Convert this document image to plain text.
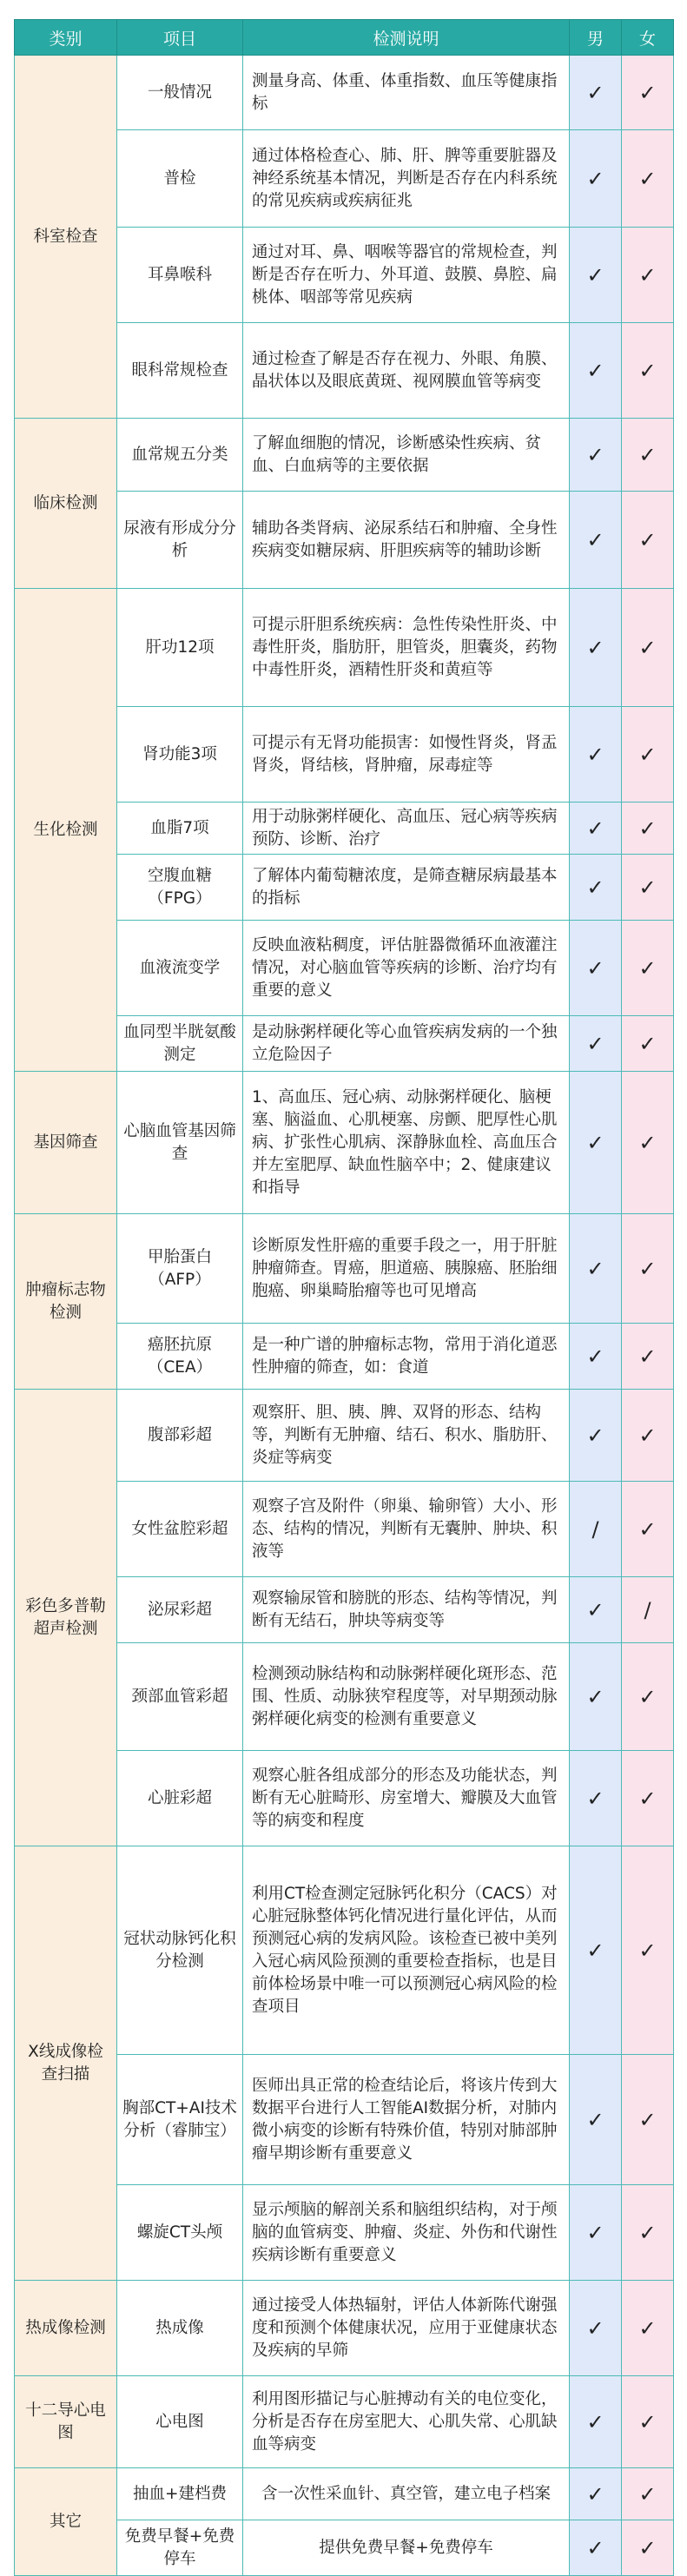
类别	项目	检测说明	男	女
科室检查	一般情况	测量身高、体重、体重指数、血压等健康指标	✓	✓
	普检	通过体格检查心、肺、肝、脾等重要脏器及神经系统基本情况，判断是否存在内科系统的常见疾病或疾病征兆	✓	✓
	耳鼻喉科	通过对耳、鼻、咽喉等器官的常规检查，判断是否存在听力、外耳道、鼓膜、鼻腔、扁桃体、咽部等常见疾病	✓	✓
	眼科常规检查	通过检查了解是否存在视力、外眼、角膜、晶状体以及眼底黄斑、视网膜血管等病变	✓	✓
临床检测	血常规五分类	了解血细胞的情况，诊断感染性疾病、贫血、白血病等的主要依据	✓	✓
	尿液有形成分分析	辅助各类肾病、泌尿系结石和肿瘤、全身性疾病变如糖尿病、肝胆疾病等的辅助诊断	✓	✓
生化检测	肝功12项	可提示肝胆系统疾病：急性传染性肝炎、中毒性肝炎，脂肪肝，胆管炎，胆囊炎，药物中毒性肝炎，酒精性肝炎和黄疸等	✓	✓
	肾功能3项	可提示有无肾功能损害：如慢性肾炎，肾盂肾炎，肾结核，肾肿瘤，尿毒症等	✓	✓
	血脂7项	用于动脉粥样硬化、高血压、冠心病等疾病预防、诊断、治疗	✓	✓
	空腹血糖（FPG）	了解体内葡萄糖浓度，是筛查糖尿病最基本的指标	✓	✓
	血液流变学	反映血液粘稠度，评估脏器微循环血液灌注情况，对心脑血管等疾病的诊断、治疗均有重要的意义	✓	✓
	血同型半胱氨酸测定	是动脉粥样硬化等心血管疾病发病的一个独立危险因子	✓	✓
基因筛查	心脑血管基因筛查	1、高血压、冠心病、动脉粥样硬化、脑梗塞、脑溢血、心肌梗塞、房颤、肥厚性心肌病、扩张性心肌病、深静脉血栓、高血压合并左室肥厚、缺血性脑卒中；2、健康建议和指导	✓	✓
肿瘤标志物检测	甲胎蛋白（AFP）	诊断原发性肝癌的重要手段之一，用于肝脏肿瘤筛查。胃癌，胆道癌、胰腺癌、胚胎细胞癌、卵巢畸胎瘤等也可见增高	✓	✓
	癌胚抗原（CEA）	是一种广谱的肿瘤标志物，常用于消化道恶性肿瘤的筛查，如：食道	✓	✓
彩色多普勒超声检测	腹部彩超	观察肝、胆、胰、脾、双肾的形态、结构等，判断有无肿瘤、结石、积水、脂肪肝、炎症等病变	✓	✓
	女性盆腔彩超	观察子宫及附件（卵巢、输卵管）大小、形态、结构的情况，判断有无囊肿、肿块、积液等	/	✓
	泌尿彩超	观察输尿管和膀胱的形态、结构等情况，判断有无结石，肿块等病变等	✓	/
	颈部血管彩超	检测颈动脉结构和动脉粥样硬化斑形态、范围、性质、动脉狭窄程度等，对早期颈动脉粥样硬化病变的检测有重要意义	✓	✓
	心脏彩超	观察心脏各组成部分的形态及功能状态，判断有无心脏畸形、房室增大、瓣膜及大血管等的病变和程度	✓	✓
X线成像检查扫描	冠状动脉钙化积分检测	利用CT检查测定冠脉钙化积分（CACS）对心脏冠脉整体钙化情况进行量化评估，从而预测冠心病的发病风险。该检查已被中美列入冠心病风险预测的重要检查指标，也是目前体检场景中唯一可以预测冠心病风险的检查项目	✓	✓
	胸部CT+AI技术分析（睿肺宝）	医师出具正常的检查结论后，将该片传到大数据平台进行人工智能AI数据分析，对肺内微小病变的诊断有特殊价值，特别对肺部肿瘤早期诊断有重要意义	✓	✓
	螺旋CT头颅	显示颅脑的解剖关系和脑组织结构，对于颅脑的血管病变、肿瘤、炎症、外伤和代谢性疾病诊断有重要意义	✓	✓
热成像检测	热成像	通过接受人体热辐射，评估人体新陈代谢强度和预测个体健康状况，应用于亚健康状态及疾病的早筛	✓	✓
十二导心电图	心电图	利用图形描记与心脏搏动有关的电位变化，分析是否存在房室肥大、心肌失常、心肌缺血等病变	✓	✓
其它	抽血+建档费	含一次性采血针、真空管，建立电子档案	✓	✓
	免费早餐+免费停车	提供免费早餐+免费停车	✓	✓
